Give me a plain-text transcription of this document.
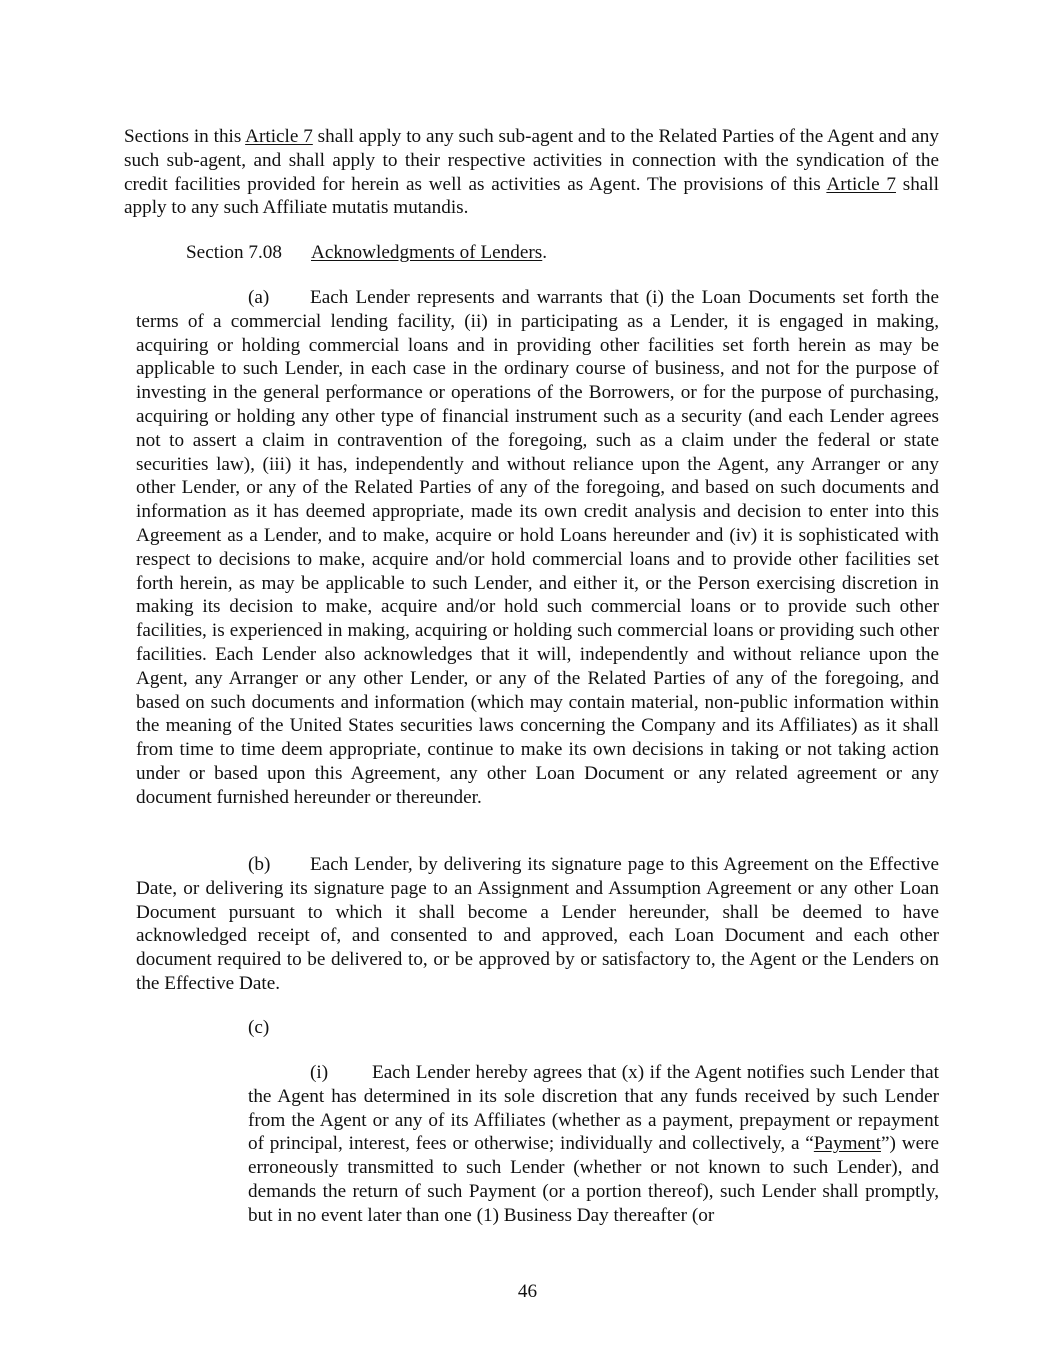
Sections in this Article 7 shall apply to any such sub-agent and to the Related Parties of the Agent and any such sub-agent, and shall apply to their respective activities in connection with the syndication of the credit facilities provided for herein as well as activities as Agent. The provisions of this Article 7 shall apply to any such Affiliate mutatis mutandis.

Section 7.08 Acknowledgments of Lenders.

(a) Each Lender represents and warrants that (i) the Loan Documents set forth the terms of a commercial lending facility, (ii) in participating as a Lender, it is engaged in making, acquiring or holding commercial loans and in providing other facilities set forth herein as may be applicable to such Lender, in each case in the ordinary course of business, and not for the purpose of investing in the general performance or operations of the Borrowers, or for the purpose of purchasing, acquiring or holding any other type of financial instrument such as a security (and each Lender agrees not to assert a claim in contravention of the foregoing, such as a claim under the federal or state securities law), (iii) it has, independently and without reliance upon the Agent, any Arranger or any other Lender, or any of the Related Parties of any of the foregoing, and based on such documents and information as it has deemed appropriate, made its own credit analysis and decision to enter into this Agreement as a Lender, and to make, acquire or hold Loans hereunder and (iv) it is sophisticated with respect to decisions to make, acquire and/or hold commercial loans and to provide other facilities set forth herein, as may be applicable to such Lender, and either it, or the Person exercising discretion in making its decision to make, acquire and/or hold such commercial loans or to provide such other facilities, is experienced in making, acquiring or holding such commercial loans or providing such other facilities. Each Lender also acknowledges that it will, independently and without reliance upon the Agent, any Arranger or any other Lender, or any of the Related Parties of any of the foregoing, and based on such documents and information (which may contain material, non-public information within the meaning of the United States securities laws concerning the Company and its Affiliates) as it shall from time to time deem appropriate, continue to make its own decisions in taking or not taking action under or based upon this Agreement, any other Loan Document or any related agreement or any document furnished hereunder or thereunder.

(b) Each Lender, by delivering its signature page to this Agreement on the Effective Date, or delivering its signature page to an Assignment and Assumption Agreement or any other Loan Document pursuant to which it shall become a Lender hereunder, shall be deemed to have acknowledged receipt of, and consented to and approved, each Loan Document and each other document required to be delivered to, or be approved by or satisfactory to, the Agent or the Lenders on the Effective Date.

(c)

(i) Each Lender hereby agrees that (x) if the Agent notifies such Lender that the Agent has determined in its sole discretion that any funds received by such Lender from the Agent or any of its Affiliates (whether as a payment, prepayment or repayment of principal, interest, fees or otherwise; individually and collectively, a “Payment”) were erroneously transmitted to such Lender (whether or not known to such Lender), and demands the return of such Payment (or a portion thereof), such Lender shall promptly, but in no event later than one (1) Business Day thereafter (or

46
